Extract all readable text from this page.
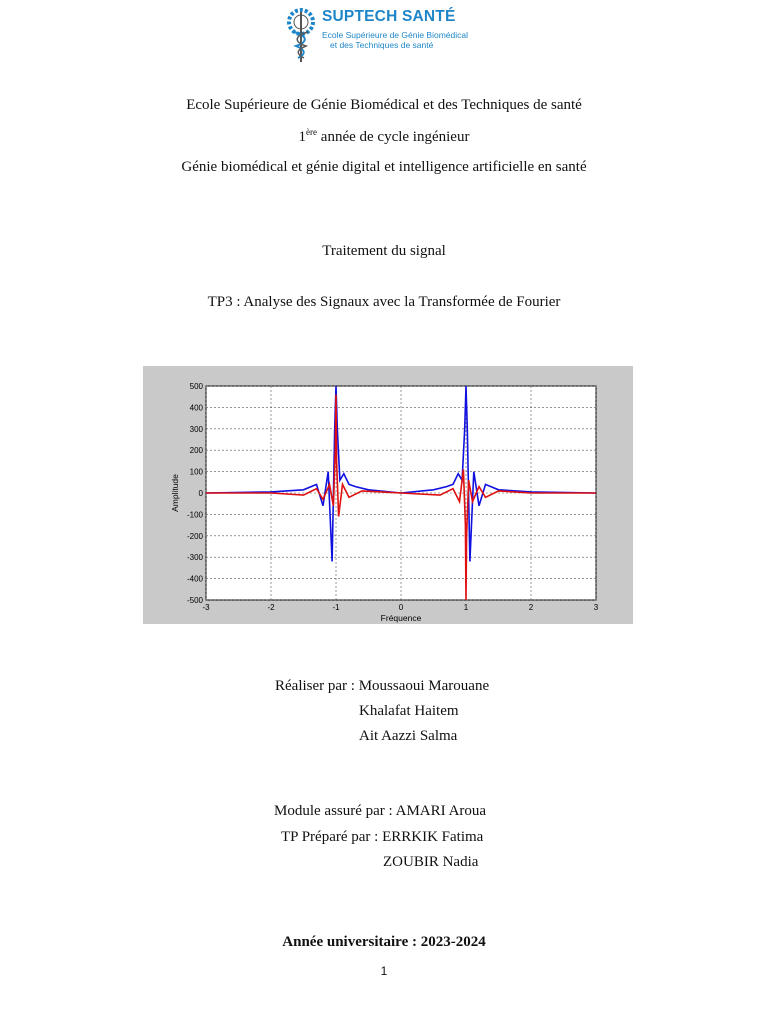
SUPTECH SANTÉ
Ecole Supérieure de Génie Biomédical
et des Techniques de santé
Ecole Supérieure de Génie Biomédical et des Techniques de santé
1ère année de cycle ingénieur
Génie biomédical et génie digital et intelligence artificielle en santé
Traitement du signal
TP3 : Analyse des Signaux avec la Transformée de Fourier
-3	-2	-1	0	1	2	3
500
400
300
200
100
0
-100
-200
-300
-400
-500
Fréquence
Amplitude
Réaliser par : Moussaoui Marouane
Khalafat Haitem
Ait Aazzi Salma
Module assuré par : AMARI Aroua
TP Préparé par : ERRKIK Fatima
ZOUBIR Nadia
Année universitaire : 2023-2024
1
